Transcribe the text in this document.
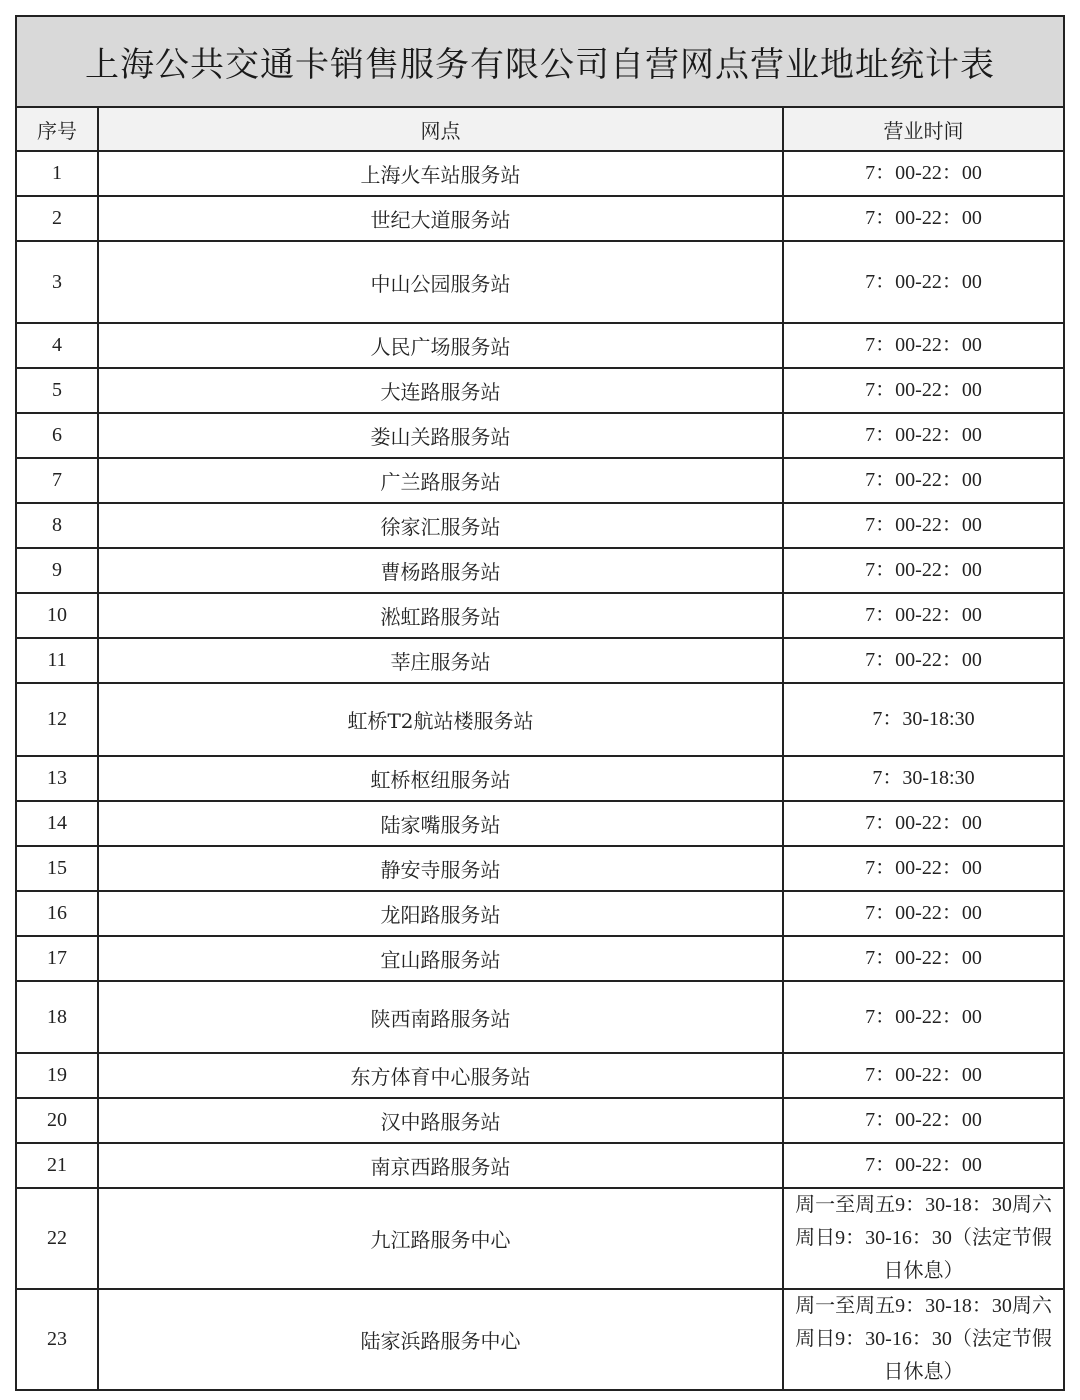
上海公共交通卡销售服务有限公司自营网点营业地址统计表
序号	网点	营业时间
1	上海火车站服务站	7：00-22：00
2	世纪大道服务站	7：00-22：00
3	中山公园服务站	7：00-22：00
4	人民广场服务站	7：00-22：00
5	大连路服务站	7：00-22：00
6	娄山关路服务站	7：00-22：00
7	广兰路服务站	7：00-22：00
8	徐家汇服务站	7：00-22：00
9	曹杨路服务站	7：00-22：00
10	淞虹路服务站	7：00-22：00
11	莘庄服务站	7：00-22：00
12	虹桥T2航站楼服务站	7：30-18:30
13	虹桥枢纽服务站	7：30-18:30
14	陆家嘴服务站	7：00-22：00
15	静安寺服务站	7：00-22：00
16	龙阳路服务站	7：00-22：00
17	宜山路服务站	7：00-22：00
18	陕西南路服务站	7：00-22：00
19	东方体育中心服务站	7：00-22：00
20	汉中路服务站	7：00-22：00
21	南京西路服务站	7：00-22：00
22	九江路服务中心	周一至周五9：30-18：30周六周日9：30-16：30（法定节假日休息）
23	陆家浜路服务中心	周一至周五9：30-18：30周六周日9：30-16：30（法定节假日休息）
